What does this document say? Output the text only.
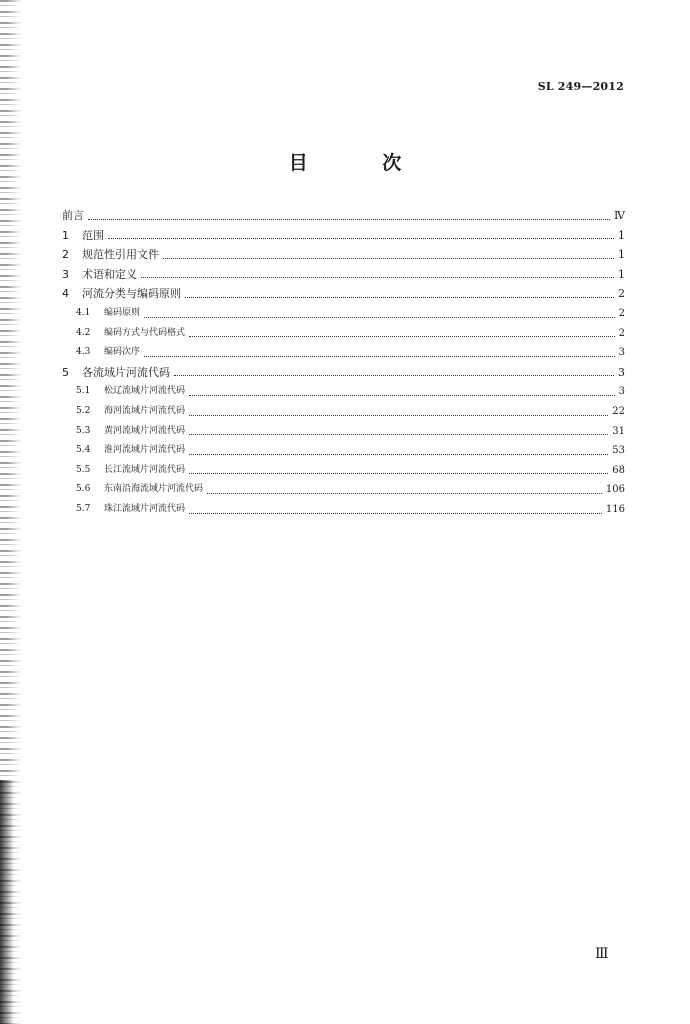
SL 249—2012
目 次
前言	Ⅳ
1	范围	1
2	规范性引用文件	1
3	术语和定义	1
4	河流分类与编码原则	2
4.1	编码原则	2
4.2	编码方式与代码格式	2
4.3	编码次序	3
5	各流域片河流代码	3
5.1	松辽流域片河流代码	3
5.2	海河流域片河流代码	22
5.3	黄河流域片河流代码	31
5.4	淮河流域片河流代码	53
5.5	长江流域片河流代码	68
5.6	东南沿海流域片河流代码	106
5.7	珠江流域片河流代码	116
Ⅲ
